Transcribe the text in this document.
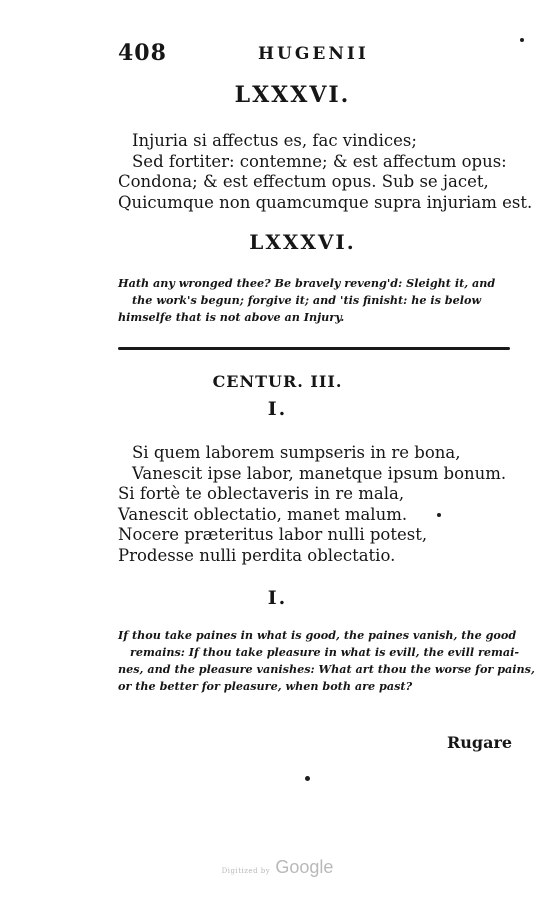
408	HUGENII
LXXXVI.
Injuria si affectus es, fac vindices;
Sed fortiter: contemne; & est affectum opus:
Condona; & est effectum opus. Sub se jacet,
Quicumque non quamcumque supra injuriam est.
LXXXVI.
Hath any wronged thee? Be bravely reveng'd: Sleight it, and
the work's begun; forgive it; and 'tis finisht: he is below
himselfe that is not above an Injury.
CENTUR. III.
I.
Si quem laborem sumpseris in re bona,
Vanescit ipse labor, manetque ipsum bonum.
Si fortè te oblectaveris in re mala,
Vanescit oblectatio, manet malum.
Nocere præteritus labor nulli potest,
Prodesse nulli perdita oblectatio.
I.
If thou take paines in what is good, the paines vanish, the good
remains: If thou take pleasure in what is evill, the evill remai-
nes, and the pleasure vanishes: What art thou the worse for pains,
or the better for pleasure, when both are past?
Rugare
Digitized by Google
